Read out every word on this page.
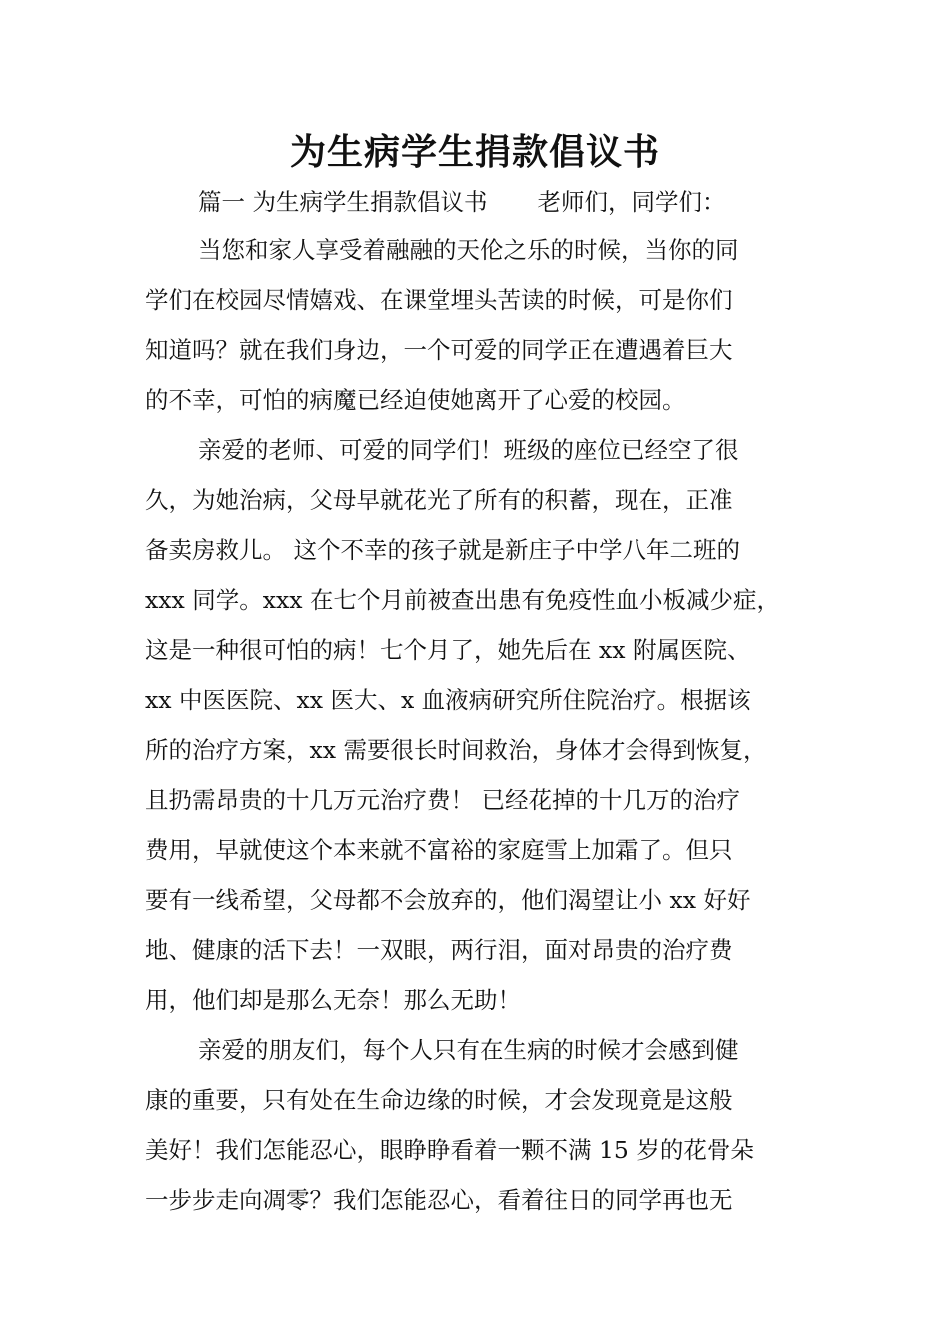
为生病学生捐款倡议书

篇一 为生病学生捐款倡议书 老师们，同学们：

当您和家人享受着融融的天伦之乐的时候，当你的同

学们在校园尽情嬉戏、在课堂埋头苦读的时候，可是你们

知道吗？就在我们身边，一个可爱的同学正在遭遇着巨大

的不幸，可怕的病魔已经迫使她离开了心爱的校园。

亲爱的老师、可爱的同学们！班级的座位已经空了很

久，为她治病，父母早就花光了所有的积蓄，现在，正准

备卖房救儿。 这个不幸的孩子就是新庄子中学八年二班的

xxx 同学。xxx 在七个月前被查出患有免疫性血小板减少症，

这是一种很可怕的病！七个月了，她先后在 xx 附属医院、

xx 中医医院、xx 医大、x 血液病研究所住院治疗。根据该

所的治疗方案，xx 需要很长时间救治，身体才会得到恢复，

且扔需昂贵的十几万元治疗费！ 已经花掉的十几万的治疗

费用，早就使这个本来就不富裕的家庭雪上加霜了。但只

要有一线希望，父母都不会放弃的，他们渴望让小 xx 好好

地、健康的活下去！一双眼，两行泪，面对昂贵的治疗费

用，他们却是那么无奈！那么无助！

亲爱的朋友们，每个人只有在生病的时候才会感到健

康的重要，只有处在生命边缘的时候，才会发现竟是这般

美好！我们怎能忍心，眼睁睁看着一颗不满 15 岁的花骨朵

一步步走向凋零？我们怎能忍心，看着往日的同学再也无
